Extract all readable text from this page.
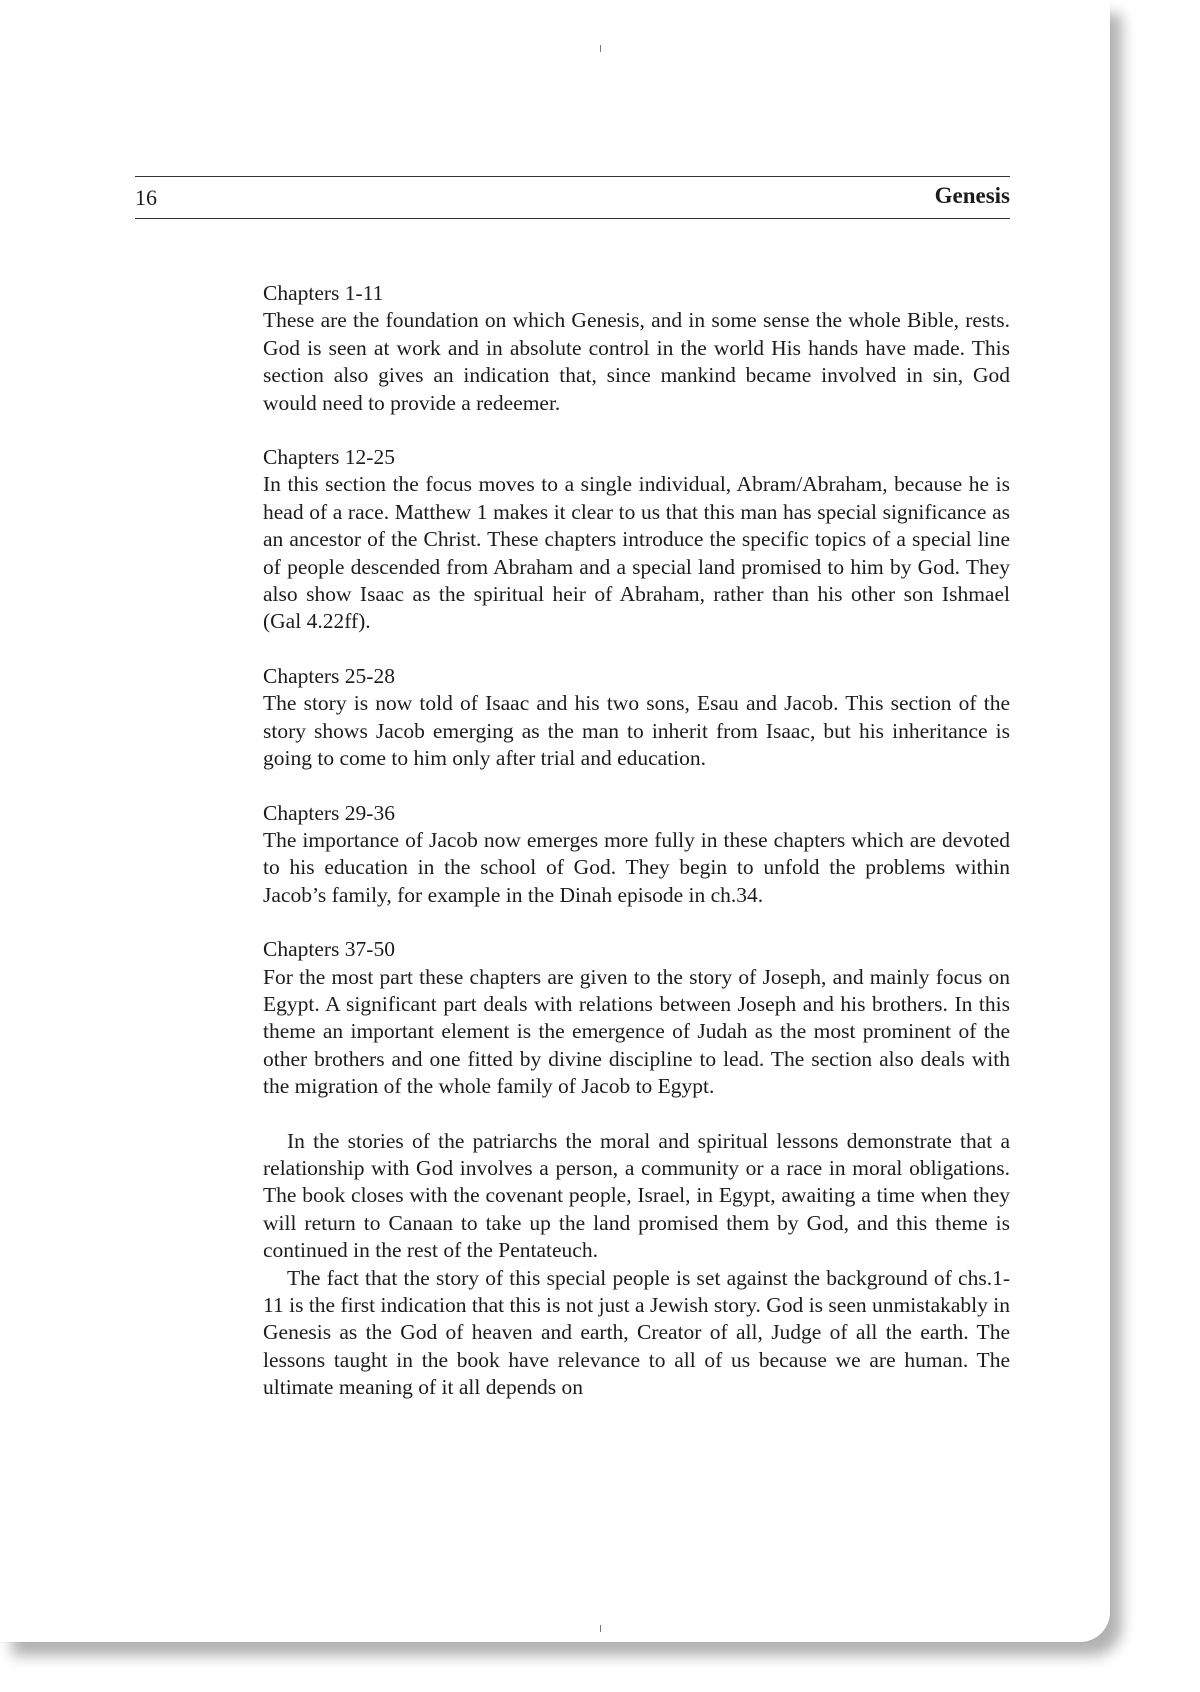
16	Genesis

Chapters 1-11

These are the foundation on which Genesis, and in some sense the whole Bible, rests. God is seen at work and in absolute control in the world His hands have made. This section also gives an indication that, since mankind became involved in sin, God would need to provide a redeemer.

Chapters 12-25

In this section the focus moves to a single individual, Abram/Abraham, because he is head of a race. Matthew 1 makes it clear to us that this man has special significance as an ancestor of the Christ. These chapters introduce the specific topics of a special line of people descended from Abraham and a special land promised to him by God. They also show Isaac as the spiritual heir of Abraham, rather than his other son Ishmael (Gal 4.22ff).

Chapters 25-28

The story is now told of Isaac and his two sons, Esau and Jacob. This section of the story shows Jacob emerging as the man to inherit from Isaac, but his inheritance is going to come to him only after trial and education.

Chapters 29-36

The importance of Jacob now emerges more fully in these chapters which are devoted to his education in the school of God. They begin to unfold the problems within Jacob’s family, for example in the Dinah episode in ch.34.

Chapters 37-50

For the most part these chapters are given to the story of Joseph, and mainly focus on Egypt. A significant part deals with relations between Joseph and his brothers. In this theme an important element is the emergence of Judah as the most prominent of the other brothers and one fitted by divine discipline to lead. The section also deals with the migration of the whole family of Jacob to Egypt.

In the stories of the patriarchs the moral and spiritual lessons demonstrate that a relationship with God involves a person, a community or a race in moral obligations. The book closes with the covenant people, Israel, in Egypt, awaiting a time when they will return to Canaan to take up the land promised them by God, and this theme is continued in the rest of the Pentateuch.

The fact that the story of this special people is set against the background of chs.1-11 is the first indication that this is not just a Jewish story. God is seen unmistakably in Genesis as the God of heaven and earth, Creator of all, Judge of all the earth. The lessons taught in the book have relevance to all of us because we are human. The ultimate meaning of it all depends on
